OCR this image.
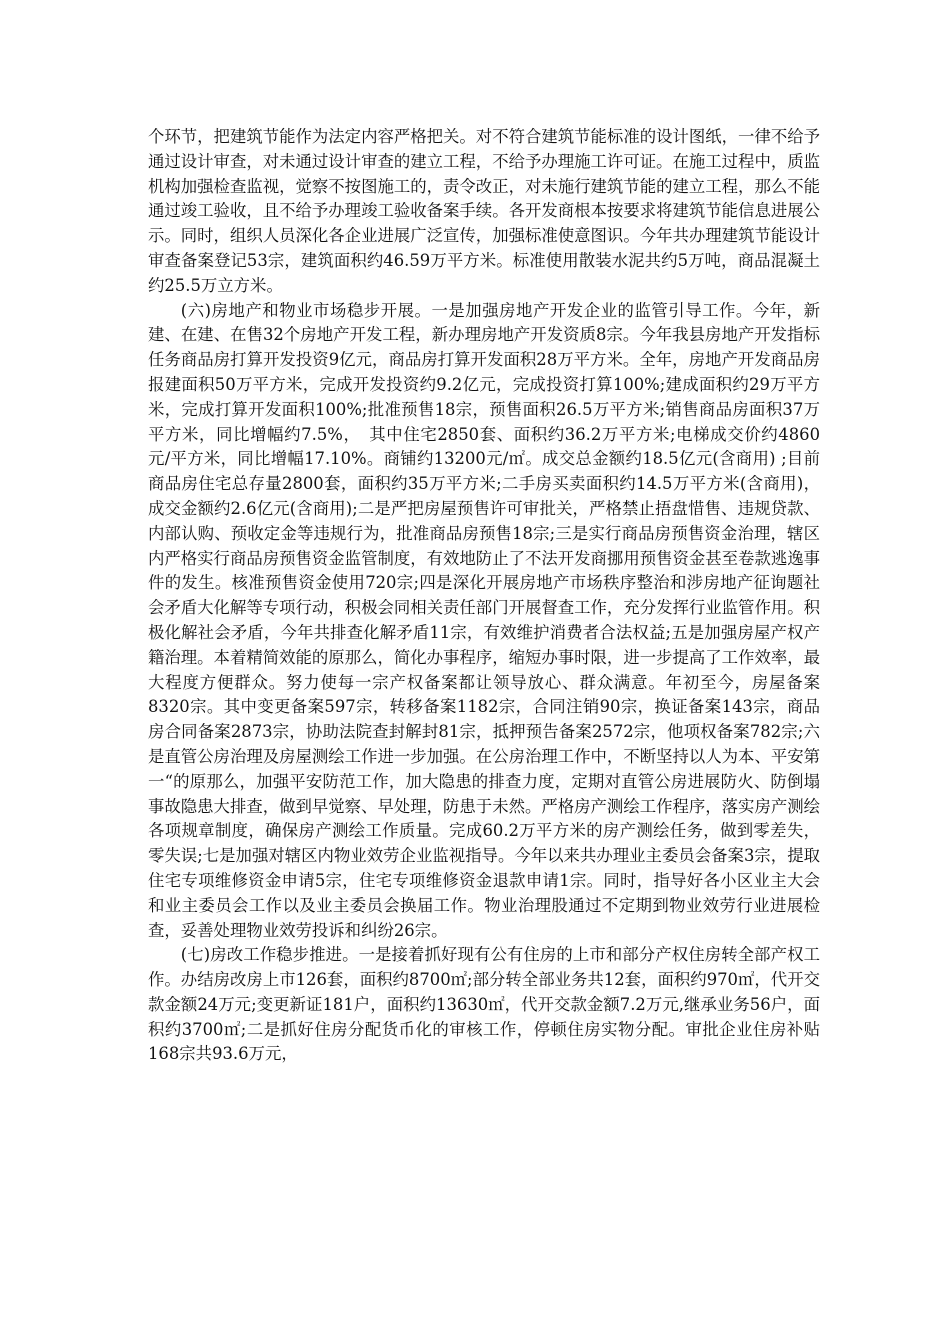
个环节，把建筑节能作为法定内容严格把关。对不符合建筑节能标准的设计图纸，一律不给予通过设计审查，对未通过设计审查的建立工程，不给予办理施工许可证。在施工过程中，质监机构加强检查监视，觉察不按图施工的，责令改正，对未施行建筑节能的建立工程，那么不能通过竣工验收，且不给予办理竣工验收备案手续。各开发商根本按要求将建筑节能信息进展公示。同时，组织人员深化各企业进展广泛宣传，加强标准使意图识。今年共办理建筑节能设计审查备案登记53宗，建筑面积约46.59万平方米。标准使用散装水泥共约5万吨，商品混凝土约25.5万立方米。

(六)房地产和物业市场稳步开展。一是加强房地产开发企业的监管引导工作。今年，新建、在建、在售32个房地产开发工程，新办理房地产开发资质8宗。今年我县房地产开发指标任务商品房打算开发投资9亿元，商品房打算开发面积28万平方米。全年，房地产开发商品房报建面积50万平方米，完成开发投资约9.2亿元，完成投资打算100%;建成面积约29万平方米，完成打算开发面积100%;批准预售18宗，预售面积26.5万平方米;销售商品房面积37万平方米，同比增幅约7.5%，　其中住宅2850套、面积约36.2万平方米;电梯成交价约4860元/平方米，同比增幅17.10%。商铺约13200元/㎡。成交总金额约18.5亿元(含商用) ;目前商品房住宅总存量2800套，面积约35万平方米;二手房买卖面积约14.5万平方米(含商用)，成交金额约2.6亿元(含商用);二是严把房屋预售许可审批关，严格禁止捂盘惜售、违规贷款、内部认购、预收定金等违规行为，批准商品房预售18宗;三是实行商品房预售资金治理，辖区内严格实行商品房预售资金监管制度，有效地防止了不法开发商挪用预售资金甚至卷款逃逸事件的发生。核准预售资金使用720宗;四是深化开展房地产市场秩序整治和涉房地产征询题社会矛盾大化解等专项行动，积极会同相关责任部门开展督查工作，充分发挥行业监管作用。积极化解社会矛盾，今年共排查化解矛盾11宗，有效维护消费者合法权益;五是加强房屋产权产籍治理。本着精简效能的原那么，简化办事程序，缩短办事时限，进一步提高了工作效率，最大程度方便群众。努力使每一宗产权备案都让领导放心、群众满意。年初至今，房屋备案8320宗。其中变更备案597宗，转移备案1182宗，合同注销90宗，换证备案143宗，商品房合同备案2873宗，协助法院查封解封81宗，抵押预告备案2572宗，他项权备案782宗;六是直管公房治理及房屋测绘工作进一步加强。在公房治理工作中，不断坚持以人为本、平安第一“的原那么，加强平安防范工作，加大隐患的排查力度，定期对直管公房进展防火、防倒塌事故隐患大排查，做到早觉察、早处理，防患于未然。严格房产测绘工作程序，落实房产测绘各项规章制度，确保房产测绘工作质量。完成60.2万平方米的房产测绘任务，做到零差失，零失误;七是加强对辖区内物业效劳企业监视指导。今年以来共办理业主委员会备案3宗，提取住宅专项维修资金申请5宗，住宅专项维修资金退款申请1宗。同时，指导好各小区业主大会和业主委员会工作以及业主委员会换届工作。物业治理股通过不定期到物业效劳行业进展检查，妥善处理物业效劳投诉和纠纷26宗。

(七)房改工作稳步推进。一是接着抓好现有公有住房的上市和部分产权住房转全部产权工作。办结房改房上市126套，面积约8700㎡;部分转全部业务共12套，面积约970㎡，代开交款金额24万元;变更新证181户，面积约13630㎡，代开交款金额7.2万元,继承业务56户，面积约3700㎡;二是抓好住房分配货币化的审核工作，停顿住房实物分配。审批企业住房补贴168宗共93.6万元，
